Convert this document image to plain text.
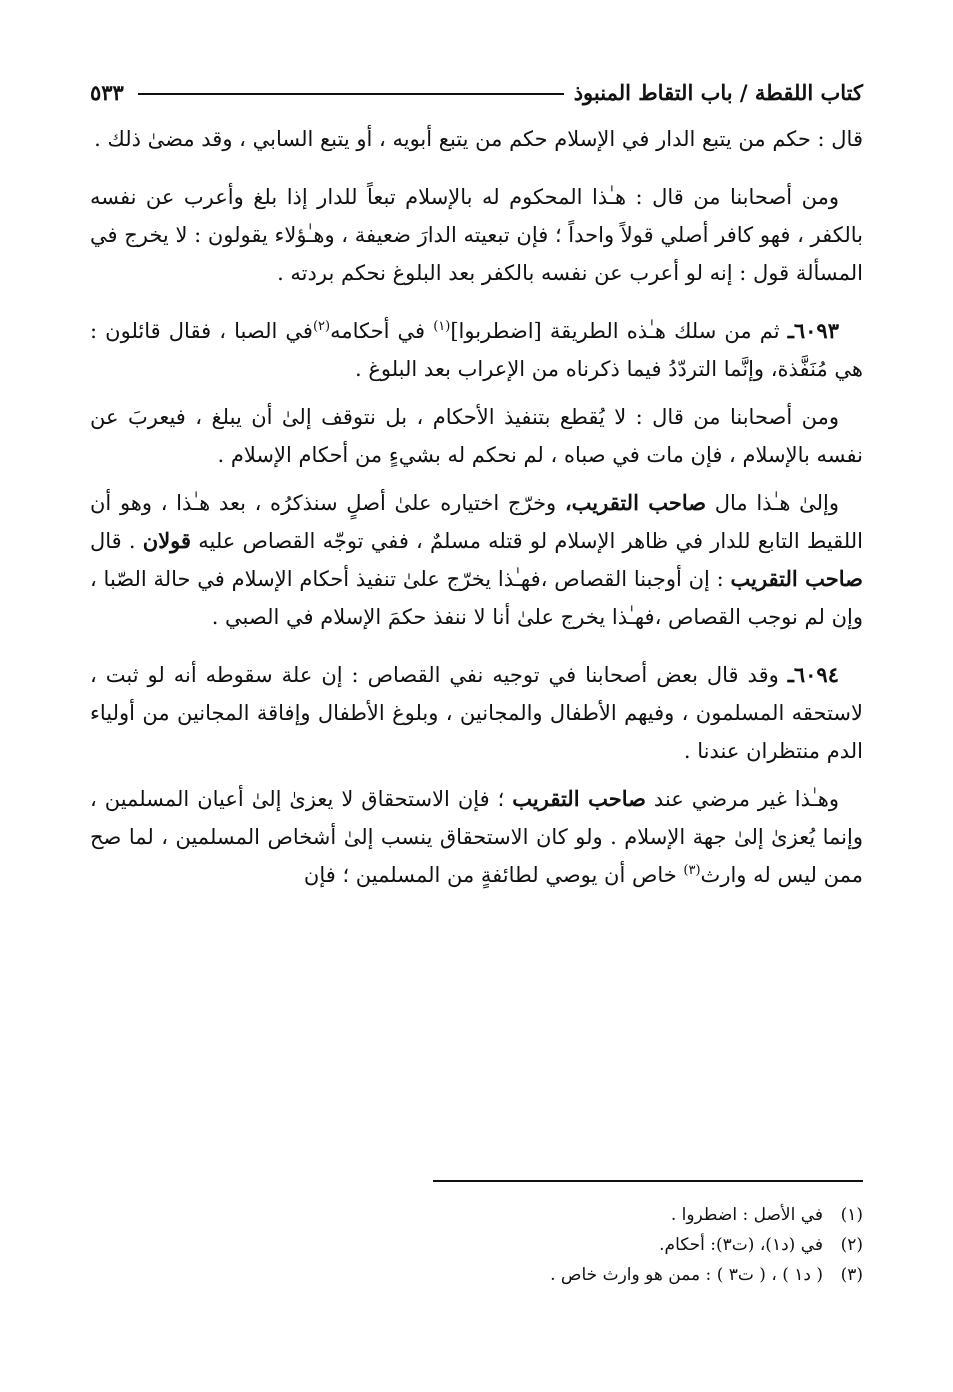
كتاب اللقطة / باب التقاط المنبوذ
٥٣٣

قال : حكم من يتبع الدار في الإسلام حكم من يتبع أبويه ، أو يتبع السابي ، وقد مضىٰ ذلك .

ومن أصحابنا من قال : هـٰذا المحكوم له بالإسلام تبعاً للدار إذا بلغ وأعرب عن نفسه بالكفر ، فهو كافر أصلي قولاً واحداً ؛ فإن تبعيته الدارَ ضعيفة ، وهـٰؤلاء يقولون : لا يخرج في المسألة قول : إنه لو أعرب عن نفسه بالكفر بعد البلوغ نحكم بردته .

٦٠٩٣ـ ثم من سلك هـٰذه الطريقة [اضطربوا]$^{(١)}$ في أحكامه$^{(٢)}$في الصبا ، فقال قائلون : هي مُنَفَّذة، وإنَّما التردّدُ فيما ذكرناه من الإعراب بعد البلوغ .

ومن أصحابنا من قال : لا يُقطع بتنفيذ الأحكام ، بل نتوقف إلىٰ أن يبلغ ، فيعربَ عن نفسه بالإسلام ، فإن مات في صباه ، لم نحكم له بشيءٍ من أحكام الإسلام .

وإلىٰ هـٰذا مال صاحب التقريب، وخرّج اختياره علىٰ أصلٍ سنذكرُه ، بعد هـٰذا ، وهو أن اللقيط التابع للدار في ظاهر الإسلام لو قتله مسلمٌ ، ففي توجّه القصاص عليه قولان . قال صاحب التقريب : إن أوجبنا القصاص ،فهـٰذا يخرّج علىٰ تنفيذ أحكام الإسلام في حالة الصّبا ، وإن لم نوجب القصاص ،فهـٰذا يخرج علىٰ أنا لا ننفذ حكمَ الإسلام في الصبي .

٦٠٩٤ـ وقد قال بعض أصحابنا في توجيه نفي القصاص : إن علة سقوطه أنه لو ثبت ، لاستحقه المسلمون ، وفيهم الأطفال والمجانين ، وبلوغ الأطفال وإفاقة المجانين من أولياء الدم منتظران عندنا .

وهـٰذا غير مرضي عند صاحب التقريب ؛ فإن الاستحقاق لا يعزىٰ إلىٰ أعيان المسلمين ، وإنما يُعزىٰ إلىٰ جهة الإسلام . ولو كان الاستحقاق ينسب إلىٰ أشخاص المسلمين ، لما صح ممن ليس له وارث$^{(٣)}$ خاص أن يوصي لطائفةٍ من المسلمين ؛ فإن

(١)
في الأصل : اضطروا .
(٢)
في (د١)، (ت٣): أحكام.
(٣)
( د١ ) ، ( ت٣ ) : ممن هو وارث خاص .
